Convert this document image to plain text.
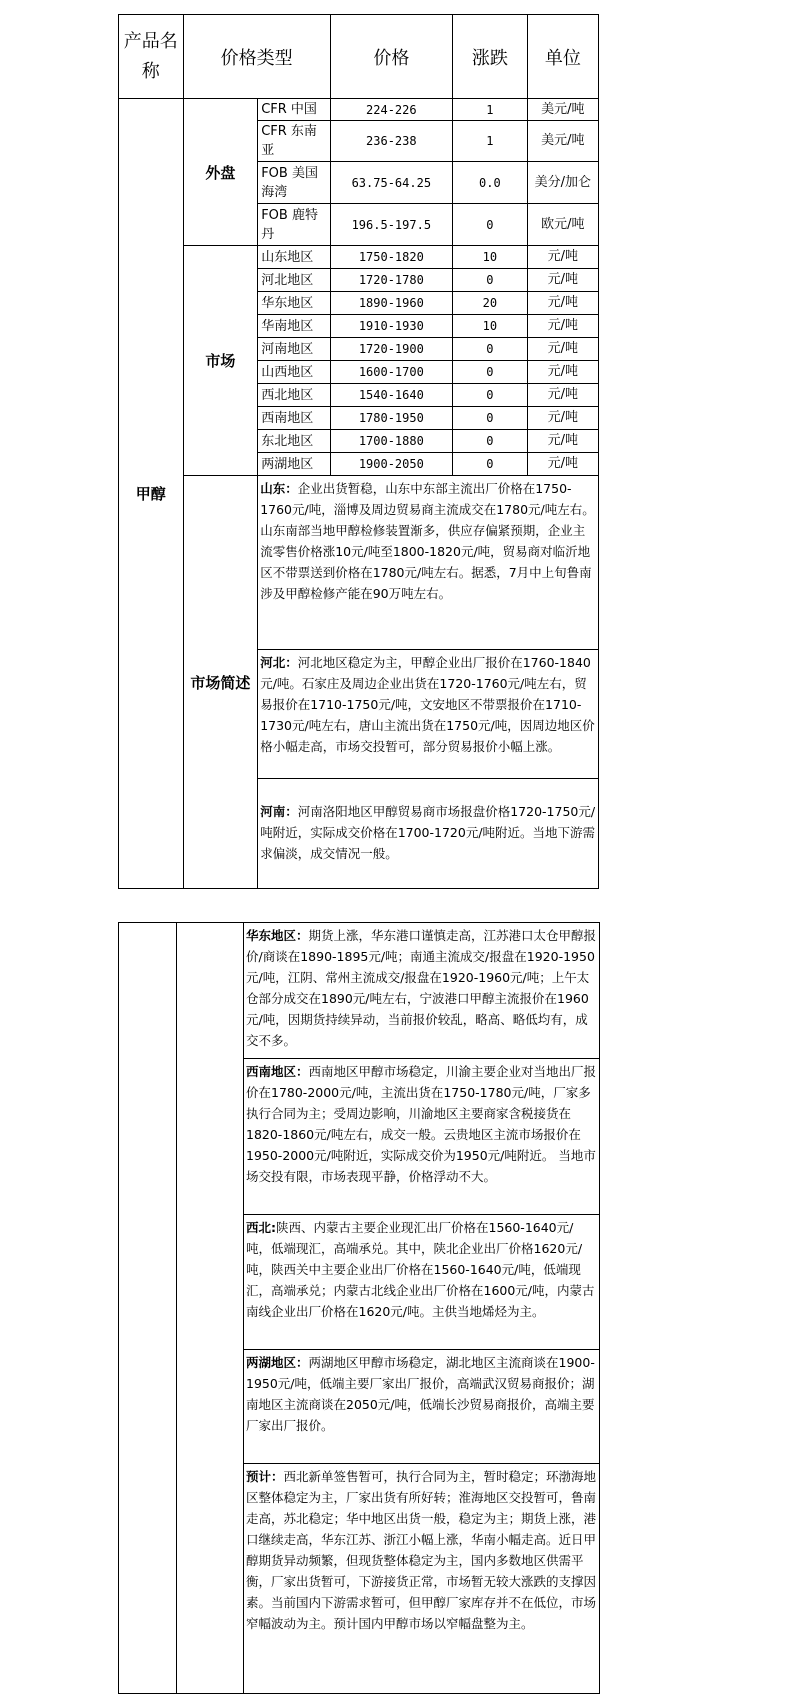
产品名称	价格类型		价格	涨跌	单位
甲醇	外盘	CFR 中国	224-226	1	美元/吨
		CFR 东南亚	236-238	1	美元/吨
		FOB 美国海湾	63.75-64.25	0.0	美分/加仑
		FOB 鹿特丹	196.5-197.5	0	欧元/吨
	市场	山东地区	1750-1820	10	元/吨
		河北地区	1720-1780	0	元/吨
		华东地区	1890-1960	20	元/吨
		华南地区	1910-1930	10	元/吨
		河南地区	1720-1900	0	元/吨
		山西地区	1600-1700	0	元/吨
		西北地区	1540-1640	0	元/吨
		西南地区	1780-1950	0	元/吨
		东北地区	1700-1880	0	元/吨
		两湖地区	1900-2050	0	元/吨
	市场简述	山东：企业出货暂稳，山东中东部主流出厂价格在1750-1760元/吨，淄博及周边贸易商主流成交在1780元/吨左右。山东南部当地甲醇检修装置渐多，供应存偏紧预期，企业主流零售价格涨10元/吨至1800-1820元/吨，贸易商对临沂地区不带票送到价格在1780元/吨左右。据悉，7月中上旬鲁南涉及甲醇检修产能在90万吨左右。			
		河北：河北地区稳定为主，甲醇企业出厂报价在1760-1840元/吨。石家庄及周边企业出货在1720-1760元/吨左右，贸易报价在1710-1750元/吨，文安地区不带票报价在1710-1730元/吨左右，唐山主流出货在1750元/吨，因周边地区价格小幅走高，市场交投暂可，部分贸易报价小幅上涨。			
		河南：河南洛阳地区甲醇贸易商市场报盘价格1720-1750元/吨附近，实际成交价格在1700-1720元/吨附近。当地下游需求偏淡，成交情况一般。			
		华东地区：期货上涨，华东港口谨慎走高，江苏港口太仓甲醇报价/商谈在1890-1895元/吨；南通主流成交/报盘在1920-1950元/吨，江阴、常州主流成交/报盘在1920-1960元/吨；上午太仓部分成交在1890元/吨左右，宁波港口甲醇主流报价在1960元/吨，因期货持续异动，当前报价较乱，略高、略低均有，成交不多。
西南地区：西南地区甲醇市场稳定，川渝主要企业对当地出厂报价在1780-2000元/吨，主流出货在1750-1780元/吨，厂家多执行合同为主；受周边影响，川渝地区主要商家含税接货在1820-1860元/吨左右，成交一般。云贵地区主流市场报价在1950-2000元/吨附近，实际成交价为1950元/吨附近。 当地市场交投有限，市场表现平静，价格浮动不大。
西北:陕西、内蒙古主要企业现汇出厂价格在1560-1640元/吨，低端现汇，高端承兑。其中，陕北企业出厂价格1620元/吨，陕西关中主要企业出厂价格在1560-1640元/吨，低端现汇，高端承兑；内蒙古北线企业出厂价格在1600元/吨，内蒙古南线企业出厂价格在1620元/吨。主供当地烯烃为主。
两湖地区：两湖地区甲醇市场稳定，湖北地区主流商谈在1900-1950元/吨，低端主要厂家出厂报价，高端武汉贸易商报价；湖南地区主流商谈在2050元/吨，低端长沙贸易商报价，高端主要厂家出厂报价。
预计：西北新单签售暂可，执行合同为主，暂时稳定；环渤海地区整体稳定为主，厂家出货有所好转；淮海地区交投暂可，鲁南走高，苏北稳定；华中地区出货一般，稳定为主；期货上涨，港口继续走高，华东江苏、浙江小幅上涨，华南小幅走高。近日甲醇期货异动频繁，但现货整体稳定为主，国内多数地区供需平衡，厂家出货暂可，下游接货正常，市场暂无较大涨跌的支撑因素。当前国内下游需求暂可，但甲醇厂家库存并不在低位，市场窄幅波动为主。预计国内甲醇市场以窄幅盘整为主。
